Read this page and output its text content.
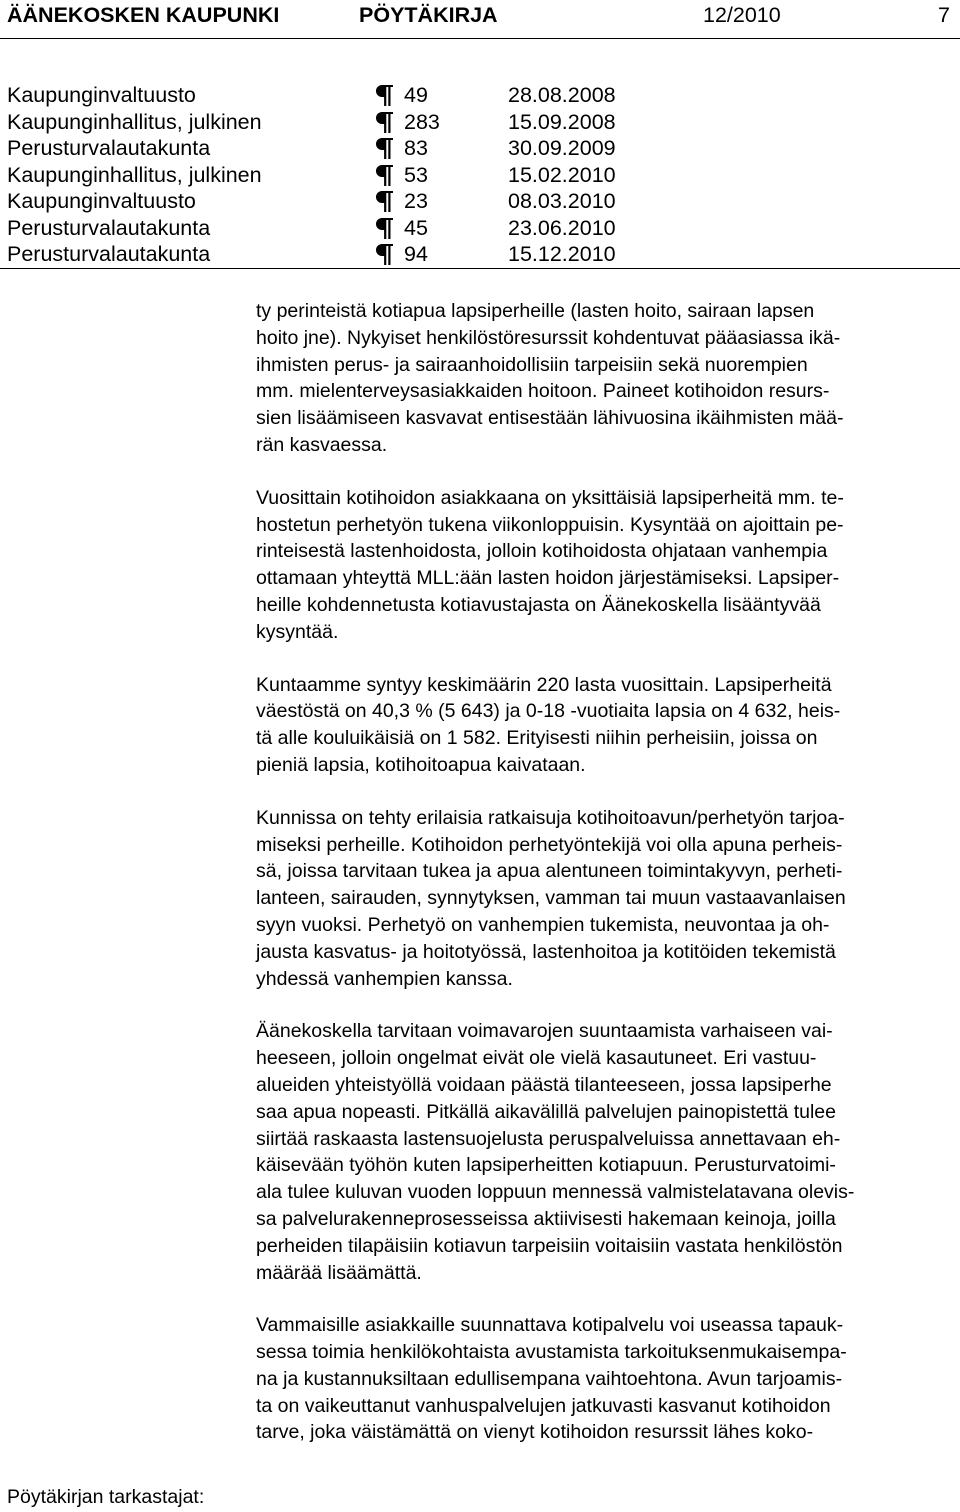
ÄÄNEKOSKEN KAUPUNKI	PÖYTÄKIRJA	12/2010	7
Kaupunginvaltuusto	49	28.08.2008
Kaupunginhallitus, julkinen	283	15.09.2008
Perusturvalautakunta	83	30.09.2009
Kaupunginhallitus, julkinen	53	15.02.2010
Kaupunginvaltuusto	23	08.03.2010
Perusturvalautakunta	45	23.06.2010
Perusturvalautakunta	94	15.12.2010

ty perinteistä kotiapua lapsiperheille (lasten hoito, sairaan lapsen
hoito jne). Nykyiset henkilöstöresurssit kohdentuvat pääasiassa ikä-
ihmisten perus- ja sairaanhoidollisiin tarpeisiin sekä nuorempien
mm. mielenterveysasiakkaiden hoitoon. Paineet kotihoidon resurs-
sien lisäämiseen kasvavat entisestään lähivuosina ikäihmisten mää-
rän kasvaessa.

Vuosittain kotihoidon asiakkaana on yksittäisiä lapsiperheitä mm. te-
hostetun perhetyön tukena viikonloppuisin. Kysyntää on ajoittain pe-
rinteisestä lastenhoidosta, jolloin kotihoidosta ohjataan vanhempia
ottamaan yhteyttä MLL:ään lasten hoidon järjestämiseksi. Lapsiper-
heille kohdennetusta kotiavustajasta on Äänekoskella lisääntyvää
kysyntää.

Kuntaamme syntyy keskimäärin 220 lasta vuosittain. Lapsiperheitä
väestöstä on 40,3 % (5 643) ja 0-18 -vuotiaita lapsia on 4 632, heis-
tä alle kouluikäisiä on 1 582. Erityisesti niihin perheisiin, joissa on
pieniä lapsia, kotihoitoapua kaivataan.

Kunnissa on tehty erilaisia ratkaisuja kotihoitoavun/perhetyön tarjoa-
miseksi perheille. Kotihoidon perhetyöntekijä voi olla apuna perheis-
sä, joissa tarvitaan tukea ja apua alentuneen toimintakyvyn, perheti-
lanteen, sairauden, synnytyksen, vamman tai muun vastaavanlaisen
syyn vuoksi. Perhetyö on vanhempien tukemista, neuvontaa ja oh-
jausta kasvatus- ja hoitotyössä, lastenhoitoa ja kotitöiden tekemistä
yhdessä vanhempien kanssa.

Äänekoskella tarvitaan voimavarojen suuntaamista varhaiseen vai-
heeseen, jolloin ongelmat eivät ole vielä kasautuneet. Eri vastuu-
alueiden yhteistyöllä voidaan päästä tilanteeseen, jossa lapsiperhe
saa apua nopeasti. Pitkällä aikavälillä palvelujen painopistettä tulee
siirtää raskaasta lastensuojelusta peruspalveluissa annettavaan eh-
käisevään työhön kuten lapsiperheitten kotiapuun. Perusturvatoimi-
ala tulee kuluvan vuoden loppuun mennessä valmistelatavana olevis-
sa palvelurakenneprosesseissa aktiivisesti hakemaan keinoja, joilla
perheiden tilapäisiin kotiavun tarpeisiin voitaisiin vastata henkilöstön
määrää lisäämättä.

Vammaisille asiakkaille suunnattava kotipalvelu voi useassa tapauk-
sessa toimia henkilökohtaista avustamista tarkoituksenmukaisempa-
na ja kustannuksiltaan edullisempana vaihtoehtona. Avun tarjoamis-
ta on vaikeuttanut vanhuspalvelujen jatkuvasti kasvanut kotihoidon
tarve, joka väistämättä on vienyt kotihoidon resurssit lähes koko-

Pöytäkirjan tarkastajat:
